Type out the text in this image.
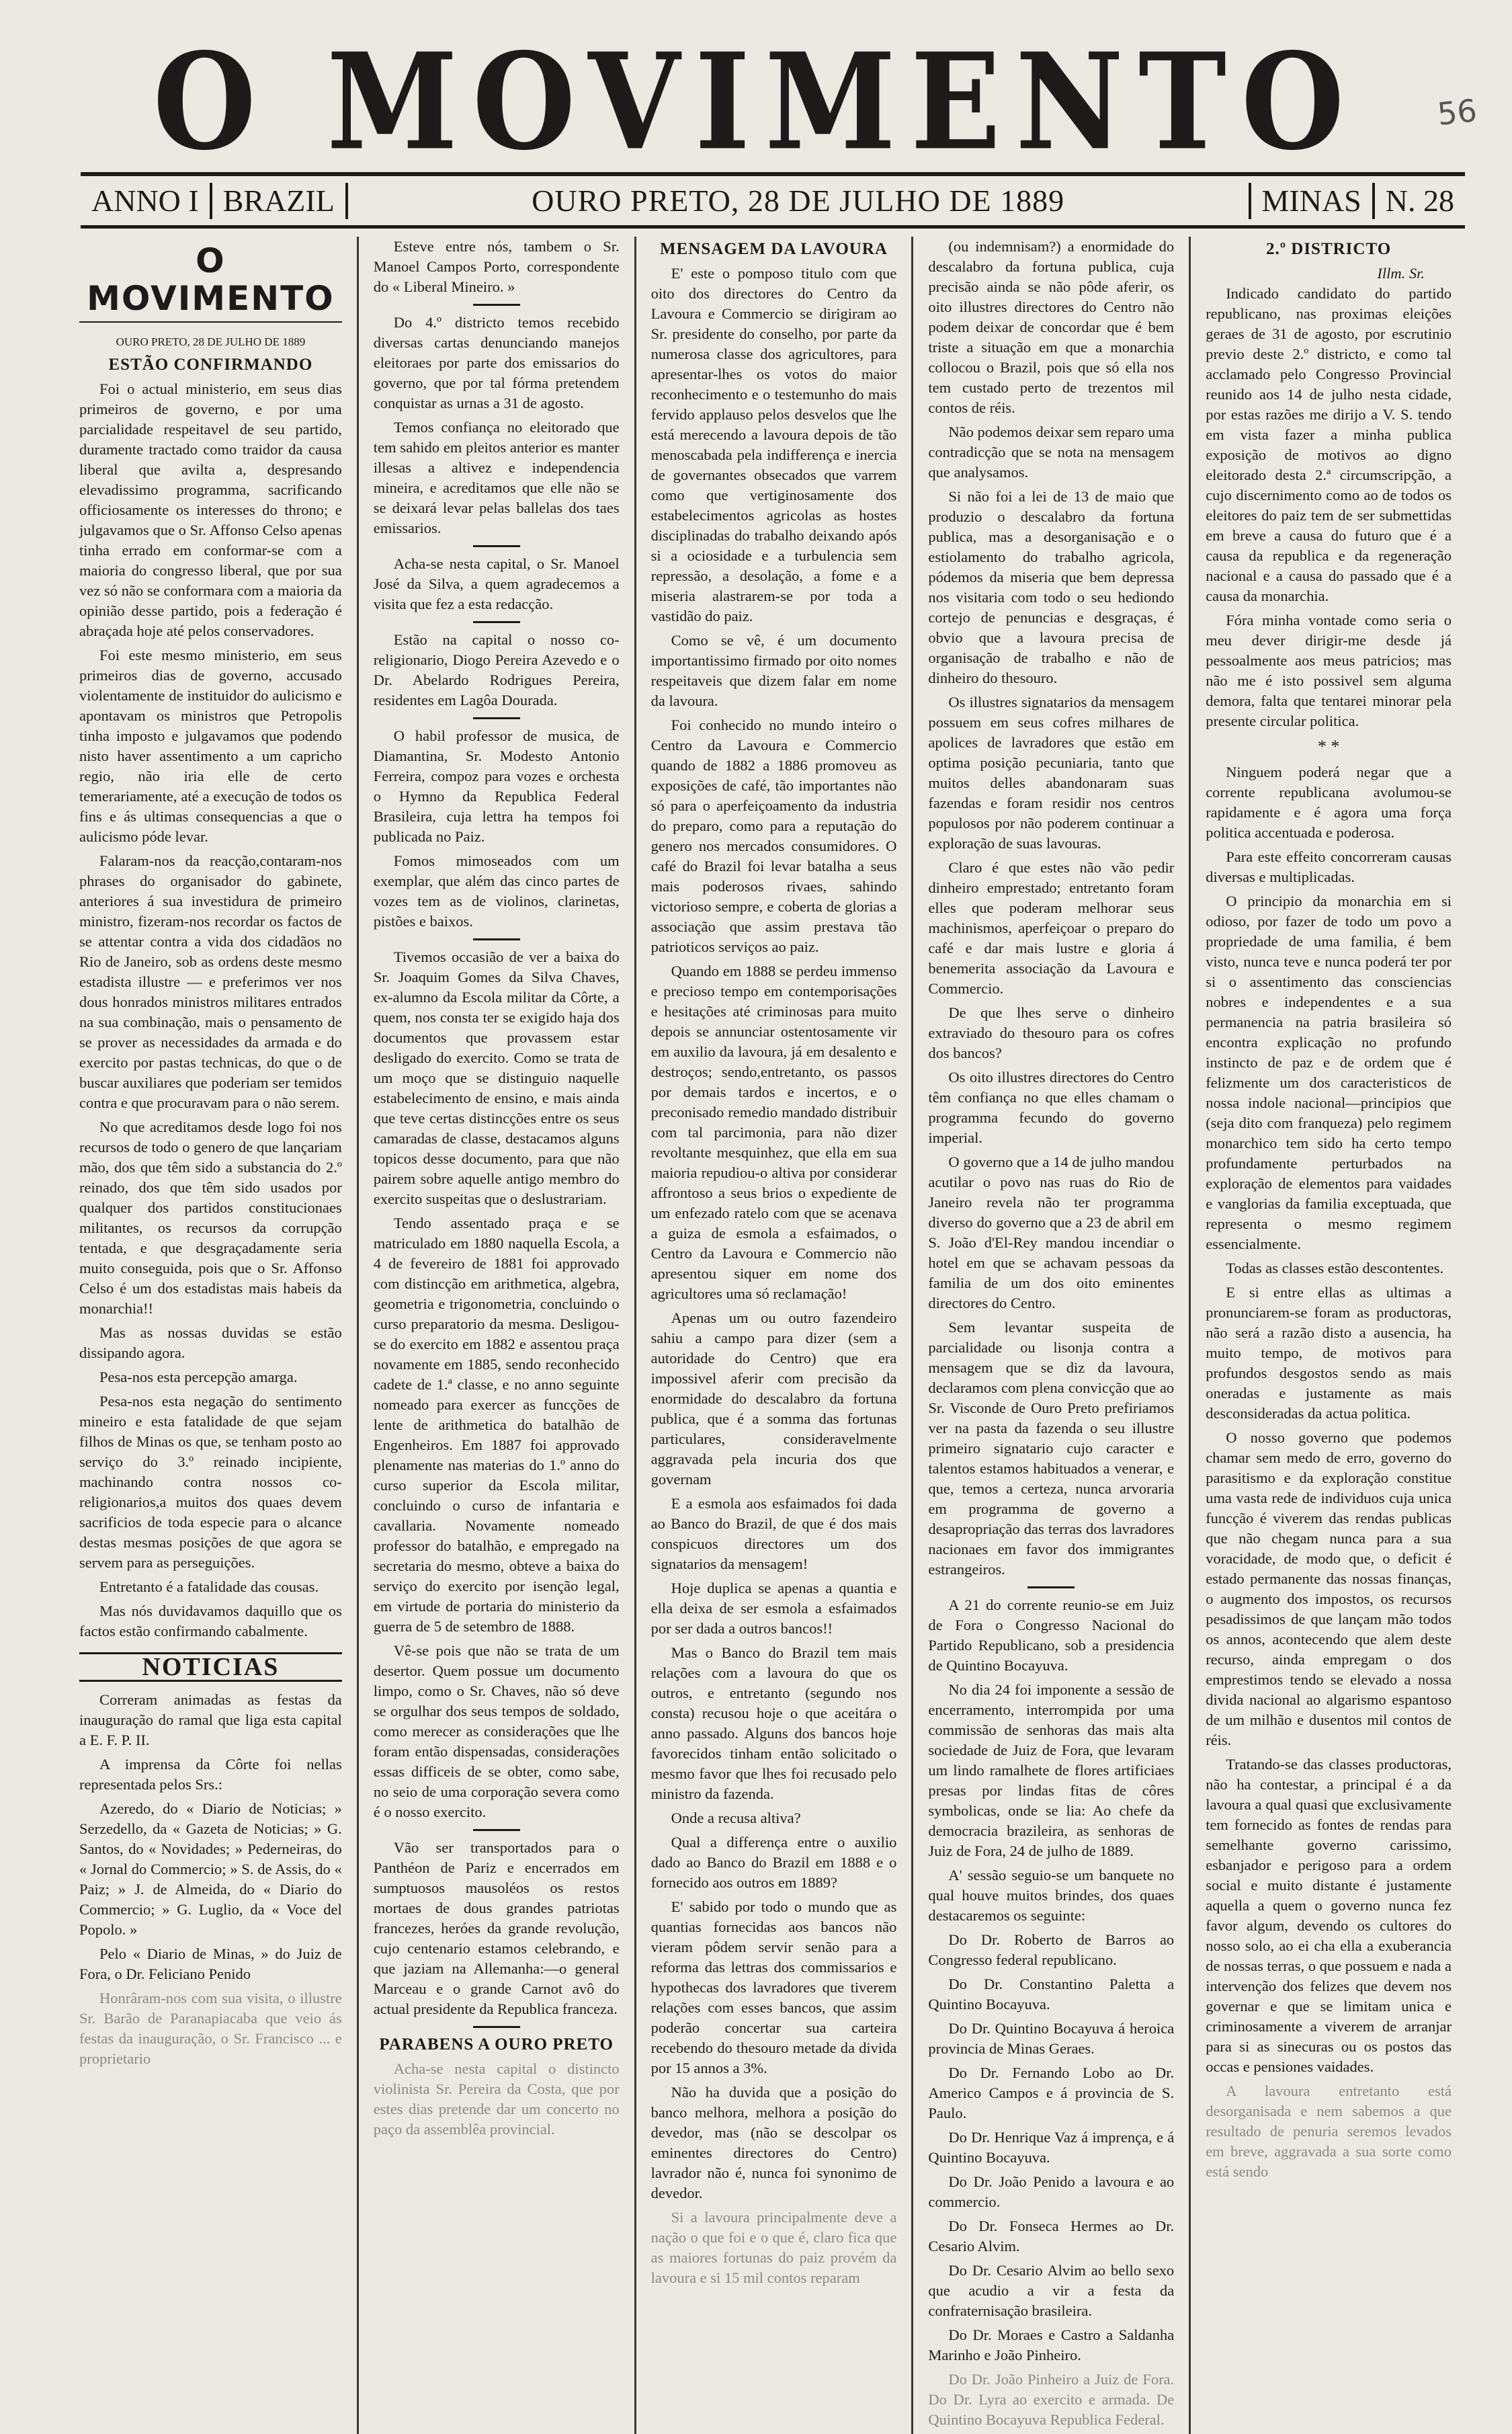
56
O MOVIMENTO
ANNO I BRAZIL	OURO PRETO, 28 DE JULHO DE 1889	MINAS N. 28
O MOVIMENTO
OURO PRETO, 28 DE JULHO DE 1889
ESTÃO CONFIRMANDO

Foi o actual ministerio, em seus dias primeiros de governo, e por uma parcialidade respeitavel de seu partido, duramente tractado como traidor da causa liberal que avilta a, despresando elevadissimo programma, sacrificando officiosamente os interesses do throno; e julgavamos que o Sr. Affonso Celso apenas tinha errado em conformar-se com a maioria do congresso liberal, que por sua vez só não se conformara com a maioria da opinião desse partido, pois a federação é abraçada hoje até pelos conservadores.

Foi este mesmo ministerio, em seus primeiros dias de governo, accusado violentamente de instituidor do aulicismo e apontavam os ministros que Petropolis tinha imposto e julgavamos que podendo nisto haver assentimento a um capricho regio, não iria elle de certo temerariamente, até a execução de todos os fins e ás ultimas consequencias a que o aulicismo póde levar.

Falaram-nos da reacção,contaram-nos phrases do organisador do gabinete, anteriores á sua investidura de primeiro ministro, fizeram-nos recordar os factos de se attentar contra a vida dos cidadãos no Rio de Janeiro, sob as ordens deste mesmo estadista illustre — e preferimos ver nos dous honrados ministros militares entrados na sua combinação, mais o pensamento de se prover as necessidades da armada e do exercito por pastas technicas, do que o de buscar auxiliares que poderiam ser temidos contra e que procuravam para o não serem.

No que acreditamos desde logo foi nos recursos de todo o genero de que lançariam mão, dos que têm sido a substancia do 2.º reinado, dos que têm sido usados por qualquer dos partidos constitucionaes militantes, os recursos da corrupção tentada, e que desgraçadamente seria muito conseguida, pois que o Sr. Affonso Celso é um dos estadistas mais habeis da monarchia!!

Mas as nossas duvidas se estão dissipando agora.

Pesa-nos esta percepção amarga.

Pesa-nos esta negação do sentimento mineiro e esta fatalidade de que sejam filhos de Minas os que, se tenham posto ao serviço do 3.º reinado incipiente, machinando contra nossos co-religionarios,a muitos dos quaes devem sacrificios de toda especie para o alcance destas mesmas posições de que agora se servem para as perseguições.

Entretanto é a fatalidade das cousas.

Mas nós duvidavamos daquillo que os factos estão confirmando cabalmente.

NOTICIAS

Correram animadas as festas da inauguração do ramal que liga esta capital a E. F. P. II.

A imprensa da Côrte foi nellas representada pelos Srs.:

Azeredo, do « Diario de Noticias; » Serzedello, da « Gazeta de Noticias; » G. Santos, do « Novidades; » Pederneiras, do « Jornal do Commercio; » S. de Assis, do « Paiz; » J. de Almeida, do « Diario do Commercio; » G. Luglio, da « Voce del Popolo. »

Pelo « Diario de Minas, » do Juiz de Fora, o Dr. Feliciano Penido

Honrâram-nos com sua visita, o illustre Sr. Barão de Paranapiacaba que veio ás festas da inauguração, o Sr. Francisco ... e proprietario

Esteve entre nós, tambem o Sr. Manoel Campos Porto, correspondente do « Liberal Mineiro. »

Do 4.º districto temos recebido diversas cartas denunciando manejos eleitoraes por parte dos emissarios do governo, que por tal fórma pretendem conquistar as urnas a 31 de agosto.

Temos confiança no eleitorado que tem sahido em pleitos anterior es manter illesas a altivez e independencia mineira, e acreditamos que elle não se se deixará levar pelas ballelas dos taes emissarios.

Acha-se nesta capital, o Sr. Manoel José da Silva, a quem agradecemos a visita que fez a esta redacção.

Estão na capital o nosso co-religionario, Diogo Pereira Azevedo e o Dr. Abelardo Rodrigues Pereira, residentes em Lagôa Dourada.

O habil professor de musica, de Diamantina, Sr. Modesto Antonio Ferreira, compoz para vozes e orchesta o Hymno da Republica Federal Brasileira, cuja lettra ha tempos foi publicada no Paiz.

Fomos mimoseados com um exemplar, que além das cinco partes de vozes tem as de violinos, clarinetas, pistões e baixos.

Tivemos occasião de ver a baixa do Sr. Joaquim Gomes da Silva Chaves, ex-alumno da Escola militar da Côrte, a quem, nos consta ter se exigido haja dos documentos que provassem estar desligado do exercito. Como se trata de um moço que se distinguio naquelle estabelecimento de ensino, e mais ainda que teve certas distincções entre os seus camaradas de classe, destacamos alguns topicos desse documento, para que não pairem sobre aquelle antigo membro do exercito suspeitas que o deslustrariam.

Tendo assentado praça e se matriculado em 1880 naquella Escola, a 4 de fevereiro de 1881 foi approvado com distincção em arithmetica, algebra, geometria e trigonometria, concluindo o curso preparatorio da mesma. Desligou-se do exercito em 1882 e assentou praça novamente em 1885, sendo reconhecido cadete de 1.ª classe, e no anno seguinte nomeado para exercer as funcções de lente de arithmetica do batalhão de Engenheiros. Em 1887 foi approvado plenamente nas materias do 1.º anno do curso superior da Escola militar, concluindo o curso de infantaria e cavallaria. Novamente nomeado professor do batalhão, e empregado na secretaria do mesmo, obteve a baixa do serviço do exercito por isenção legal, em virtude de portaria do ministerio da guerra de 5 de setembro de 1888.

Vê-se pois que não se trata de um desertor. Quem possue um documento limpo, como o Sr. Chaves, não só deve se orgulhar dos seus tempos de soldado, como merecer as considerações que lhe foram então dispensadas, considerações essas difficeis de se obter, como sabe, no seio de uma corporação severa como é o nosso exercito.

Vão ser transportados para o Panthéon de Pariz e encerrados em sumptuosos mausoléos os restos mortaes de dous grandes patriotas francezes, heróes da grande revolução, cujo centenario estamos celebrando, e que jaziam na Allemanha:—o general Marceau e o grande Carnot avô do actual presidente da Republica franceza.

PARABENS A OURO PRETO

Acha-se nesta capital o distincto violinista Sr. Pereira da Costa, que por estes dias pretende dar um concerto no paço da assemblêa provincial.

MENSAGEM DA LAVOURA

E' este o pomposo titulo com que oito dos directores do Centro da Lavoura e Commercio se dirigiram ao Sr. presidente do conselho, por parte da numerosa classe dos agricultores, para apresentar-lhes os votos do maior reconhecimento e o testemunho do mais fervido applauso pelos desvelos que lhe está merecendo a lavoura depois de tão menoscabada pela indifferença e inercia de governantes obsecados que varrem como que vertiginosamente dos estabelecimentos agricolas as hostes disciplinadas do trabalho deixando após si a ociosidade e a turbulencia sem repressão, a desolação, a fome e a miseria alastrarem-se por toda a vastidão do paiz.

Como se vê, é um documento importantissimo firmado por oito nomes respeitaveis que dizem falar em nome da lavoura.

Foi conhecido no mundo inteiro o Centro da Lavoura e Commercio quando de 1882 a 1886 promoveu as exposições de café, tão importantes não só para o aperfeiçoamento da industria do preparo, como para a reputação do genero nos mercados consumidores. O café do Brazil foi levar batalha a seus mais poderosos rivaes, sahindo victorioso sempre, e coberta de glorias a associação que assim prestava tão patrioticos serviços ao paiz.

Quando em 1888 se perdeu immenso e precioso tempo em contemporisações e hesitações até criminosas para muito depois se annunciar ostentosamente vir em auxilio da lavoura, já em desalento e destroços; sendo,entretanto, os passos por demais tardos e incertos, e o preconisado remedio mandado distribuir com tal parcimonia, para não dizer revoltante mesquinhez, que ella em sua maioria repudiou-o altiva por considerar affrontoso a seus brios o expediente de um enfezado ratelo com que se acenava a guiza de esmola a esfaimados, o Centro da Lavoura e Commercio não apresentou siquer em nome dos agricultores uma só reclamação!

Apenas um ou outro fazendeiro sahiu a campo para dizer (sem a autoridade do Centro) que era impossivel aferir com precisão da enormidade do descalabro da fortuna publica, que é a somma das fortunas particulares, consideravelmente aggravada pela incuria dos que governam

E a esmola aos esfaimados foi dada ao Banco do Brazil, de que é dos mais conspicuos directores um dos signatarios da mensagem!

Hoje duplica se apenas a quantia e ella deixa de ser esmola a esfaimados por ser dada a outros bancos!!

Mas o Banco do Brazil tem mais relações com a lavoura do que os outros, e entretanto (segundo nos consta) recusou hoje o que aceitára o anno passado. Alguns dos bancos hoje favorecidos tinham então solicitado o mesmo favor que lhes foi recusado pelo ministro da fazenda.

Onde a recusa altiva?

Qual a differença entre o auxilio dado ao Banco do Brazil em 1888 e o fornecido aos outros em 1889?

E' sabido por todo o mundo que as quantias fornecidas aos bancos não vieram pôdem servir senão para a reforma das lettras dos commissarios e hypothecas dos lavradores que tiverem relações com esses bancos, que assim poderão concertar sua carteira recebendo do thesouro metade da divida por 15 annos a 3%.

Não ha duvida que a posição do banco melhora, melhora a posição do devedor, mas (não se descolpar os eminentes directores do Centro) lavrador não é, nunca foi synonimo de devedor.

Si a lavoura principalmente deve a nação o que foi e o que é, claro fica que as maiores fortunas do paiz provém da lavoura e si 15 mil contos reparam

(ou indemnisam?) a enormidade do descalabro da fortuna publica, cuja precisão ainda se não pôde aferir, os oito illustres directores do Centro não podem deixar de concordar que é bem triste a situação em que a monarchia collocou o Brazil, pois que só ella nos tem custado perto de trezentos mil contos de réis.

Não podemos deixar sem reparo uma contradicção que se nota na mensagem que analysamos.

Si não foi a lei de 13 de maio que produzio o descalabro da fortuna publica, mas a desorganisação e o estiolamento do trabalho agricola, pódemos da miseria que bem depressa nos visitaria com todo o seu hediondo cortejo de penuncias e desgraças, é obvio que a lavoura precisa de organisação de trabalho e não de dinheiro do thesouro.

Os illustres signatarios da mensagem possuem em seus cofres milhares de apolices de lavradores que estão em optima posição pecuniaria, tanto que muitos delles abandonaram suas fazendas e foram residir nos centros populosos por não poderem continuar a exploração de suas lavouras.

Claro é que estes não vão pedir dinheiro emprestado; entretanto foram elles que poderam melhorar seus machinismos, aperfeiçoar o preparo do café e dar mais lustre e gloria á benemerita associação da Lavoura e Commercio.

De que lhes serve o dinheiro extraviado do thesouro para os cofres dos bancos?

Os oito illustres directores do Centro têm confiança no que elles chamam o programma fecundo do governo imperial.

O governo que a 14 de julho mandou acutilar o povo nas ruas do Rio de Janeiro revela não ter programma diverso do governo que a 23 de abril em S. João d'El-Rey mandou incendiar o hotel em que se achavam pessoas da familia de um dos oito eminentes directores do Centro.

Sem levantar suspeita de parcialidade ou lisonja contra a mensagem que se diz da lavoura, declaramos com plena convicção que ao Sr. Visconde de Ouro Preto prefiriamos ver na pasta da fazenda o seu illustre primeiro signatario cujo caracter e talentos estamos habituados a venerar, e que, temos a certeza, nunca arvoraria em programma de governo a desapropriação das terras dos lavradores nacionaes em favor dos immigrantes estrangeiros.

A 21 do corrente reunio-se em Juiz de Fora o Congresso Nacional do Partido Republicano, sob a presidencia de Quintino Bocayuva.

No dia 24 foi imponente a sessão de encerramento, interrompida por uma commissão de senhoras das mais alta sociedade de Juiz de Fora, que levaram um lindo ramalhete de flores artificiaes presas por lindas fitas de côres symbolicas, onde se lia: Ao chefe da democracia brazileira, as senhoras de Juiz de Fora, 24 de julho de 1889.

A' sessão seguio-se um banquete no qual houve muitos brindes, dos quaes destacaremos os seguinte:

Do Dr. Roberto de Barros ao Congresso federal republicano.

Do Dr. Constantino Paletta a Quintino Bocayuva.

Do Dr. Quintino Bocayuva á heroica provincia de Minas Geraes.

Do Dr. Fernando Lobo ao Dr. Americo Campos e á provincia de S. Paulo.

Do Dr. Henrique Vaz á imprença, e á Quintino Bocayuva.

Do Dr. João Penido a lavoura e ao commercio.

Do Dr. Fonseca Hermes ao Dr. Cesario Alvim.

Do Dr. Cesario Alvim ao bello sexo que acudio a vir a festa da confraternisação brasileira.

Do Dr. Moraes e Castro a Saldanha Marinho e João Pinheiro.

Do Dr. João Pinheiro a Juiz de Fora. Do Dr. Lyra ao exercito e armada. De Quintino Bocayuva Republica Federal.

2.º DISTRICTO
Illm. Sr.

Indicado candidato do partido republicano, nas proximas eleições geraes de 31 de agosto, por escrutinio previo deste 2.º districto, e como tal acclamado pelo Congresso Provincial reunido aos 14 de julho nesta cidade, por estas razões me dirijo a V. S. tendo em vista fazer a minha publica exposição de motivos ao digno eleitorado desta 2.ª circumscripção, a cujo discernimento como ao de todos os eleitores do paiz tem de ser submettidas em breve a causa do futuro que é a causa da republica e da regeneração nacional e a causa do passado que é a causa da monarchia.

Fóra minha vontade como seria o meu dever dirigir-me desde já pessoalmente aos meus patricios; mas não me é isto possivel sem alguma demora, falta que tentarei minorar pela presente circular politica.

* *

Ninguem poderá negar que a corrente republicana avolumou-se rapidamente e é agora uma força politica accentuada e poderosa.

Para este effeito concorreram causas diversas e multiplicadas.

O principio da monarchia em si odioso, por fazer de todo um povo a propriedade de uma familia, é bem visto, nunca teve e nunca poderá ter por si o assentimento das consciencias nobres e independentes e a sua permanencia na patria brasileira só encontra explicação no profundo instincto de paz e de ordem que é felizmente um dos caracteristicos de nossa indole nacional—principios que (seja dito com franqueza) pelo regimem monarchico tem sido ha certo tempo profundamente perturbados na exploração de elementos para vaidades e vanglorias da familia exceptuada, que representa o mesmo regimem essencialmente.

Todas as classes estão descontentes.

E si entre ellas as ultimas a pronunciarem-se foram as productoras, não será a razão disto a ausencia, ha muito tempo, de motivos para profundos desgostos sendo as mais oneradas e justamente as mais desconsideradas da actua politica.

O nosso governo que podemos chamar sem medo de erro, governo do parasitismo e da exploração constitue uma vasta rede de individuos cuja unica funcção é viverem das rendas publicas que não chegam nunca para a sua voracidade, de modo que, o deficit é estado permanente das nossas finanças, o augmento dos impostos, os recursos pesadissimos de que lançam mão todos os annos, acontecendo que alem deste recurso, ainda empregam o dos emprestimos tendo se elevado a nossa divida nacional ao algarismo espantoso de um milhão e dusentos mil contos de réis.

Tratando-se das classes productoras, não ha contestar, a principal é a da lavoura a qual quasi que exclusivamente tem fornecido as fontes de rendas para semelhante governo carissimo, esbanjador e perigoso para a ordem social e muito distante é justamente aquella a quem o governo nunca fez favor algum, devendo os cultores do nosso solo, ao ei cha ella a exuberancia de nossas terras, o que possuem e nada a intervenção dos felizes que devem nos governar e que se limitam unica e criminosamente a viverem de arranjar para si as sinecuras ou os postos das occas e pensiones vaidades.

A lavoura entretanto está desorganisada e nem sabemos a que resultado de penuria seremos levados em breve, aggravada a sua sorte como está sendo
